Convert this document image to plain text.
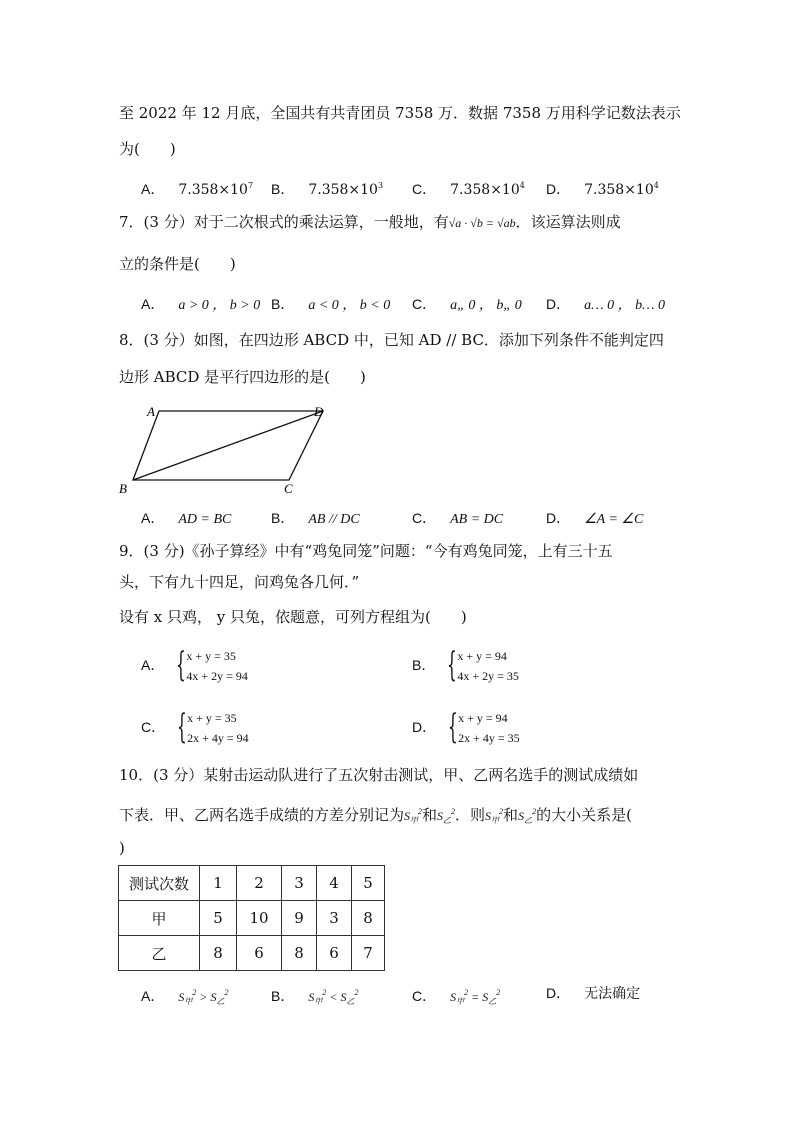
至 2022 年 12 月底，全国共有共青团员 7358 万．数据 7358 万用科学记数法表示
为(　　)
A． $7.358\times 10^7$ B． $7.358\times 10^3$ C． $7.358\times 10^4$ D． $7.358\times 10^4$
7．(3 分）对于二次根式的乘法运算，一般地，有√a · √b = √ab．该运算法则成
立的条件是(　　)
A． a > 0 ， b > 0 B． a < 0 ， b < 0 C． a„ 0 ， b„ 0 D． a… 0 ， b… 0
8．(3 分）如图，在四边形 ABCD 中，已知 AD // BC．添加下列条件不能判定四
边形 ABCD 是平行四边形的是(　　)
A	D
B	C
A． AD = BC	B． AB // DC	C． AB = DC	D． ∠A = ∠C
9．(3 分)《孙子算经》中有“鸡兔同笼”问题：“今有鸡兔同笼，上有三十五
头，下有九十四足，问鸡兔各几何．”
设有 x 只鸡， y 只兔，依题意，可列方程组为(　　)
A． { x + y = 35
4x + 2y = 94
B． { x + y = 94
4x + 2y = 35
C． { x + y = 35
2x + 4y = 94
D． { x + y = 94
2x + 4y = 35
10．(3 分）某射击运动队进行了五次射击测试，甲、乙两名选手的测试成绩如
下表．甲、乙两名选手成绩的方差分别记为$S_甲^2$和$S_乙^2$．则$S_甲^2$和$S_乙^2$的大小关系是(
)
测试次数	1	2	3	4	5
甲	5	10	9	3	8
乙	8	6	8	6	7
A． $S_甲^2 > S_乙^2$	B． $S_甲^2 < S_乙^2$	C． $S_甲^2 = S_乙^2$	D． 无法确定
